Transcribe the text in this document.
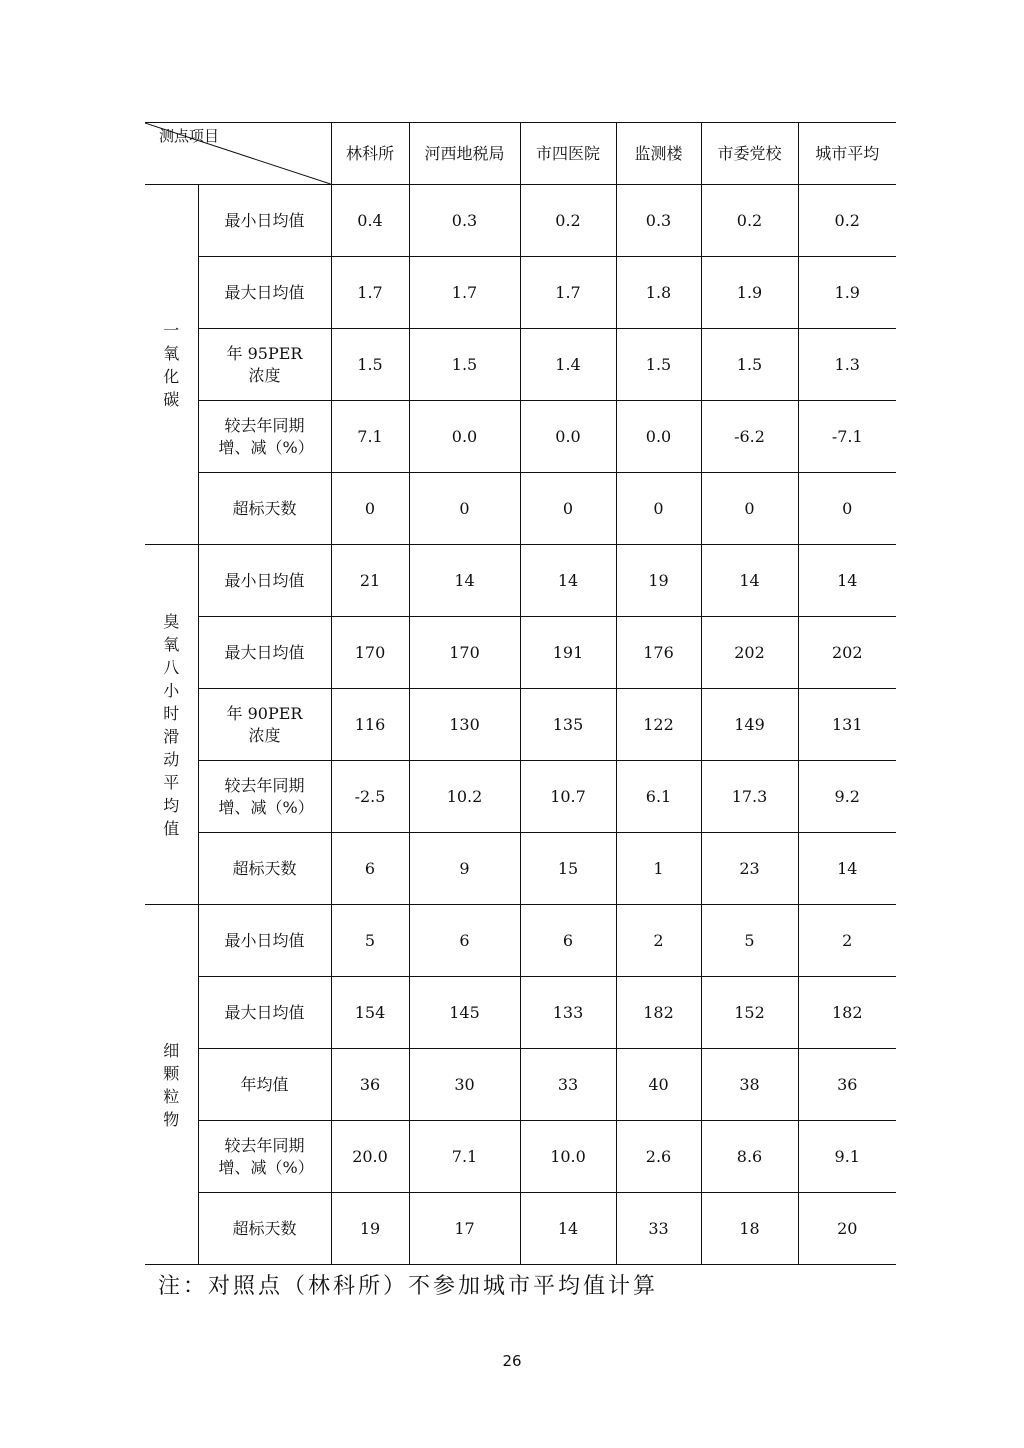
测点项目		林科所	河西地税局	市四医院	监测楼	市委党校	城市平均

一氧化碳	最小日均值	0.4	0.3	0.2	0.3	0.2	0.2
	最大日均值	1.7	1.7	1.7	1.8	1.9	1.9
	年 95PER 浓度	1.5	1.5	1.4	1.5	1.5	1.3
	较去年同期增、减（%）	7.1	0.0	0.0	0.0	-6.2	-7.1
	超标天数	0	0	0	0	0	0

臭氧八小时滑动平均值	最小日均值	21	14	14	19	14	14
	最大日均值	170	170	191	176	202	202
	年 90PER 浓度	116	130	135	122	149	131
	较去年同期增、减（%）	-2.5	10.2	10.7	6.1	17.3	9.2
	超标天数	6	9	15	1	23	14

细颗粒物	最小日均值	5	6	6	2	5	2
	最大日均值	154	145	133	182	152	182
	年均值	36	30	33	40	38	36
	较去年同期增、减（%）	20.0	7.1	10.0	2.6	8.6	9.1
	超标天数	19	17	14	33	18	20
注：对照点（林科所）不参加城市平均值计算
26
